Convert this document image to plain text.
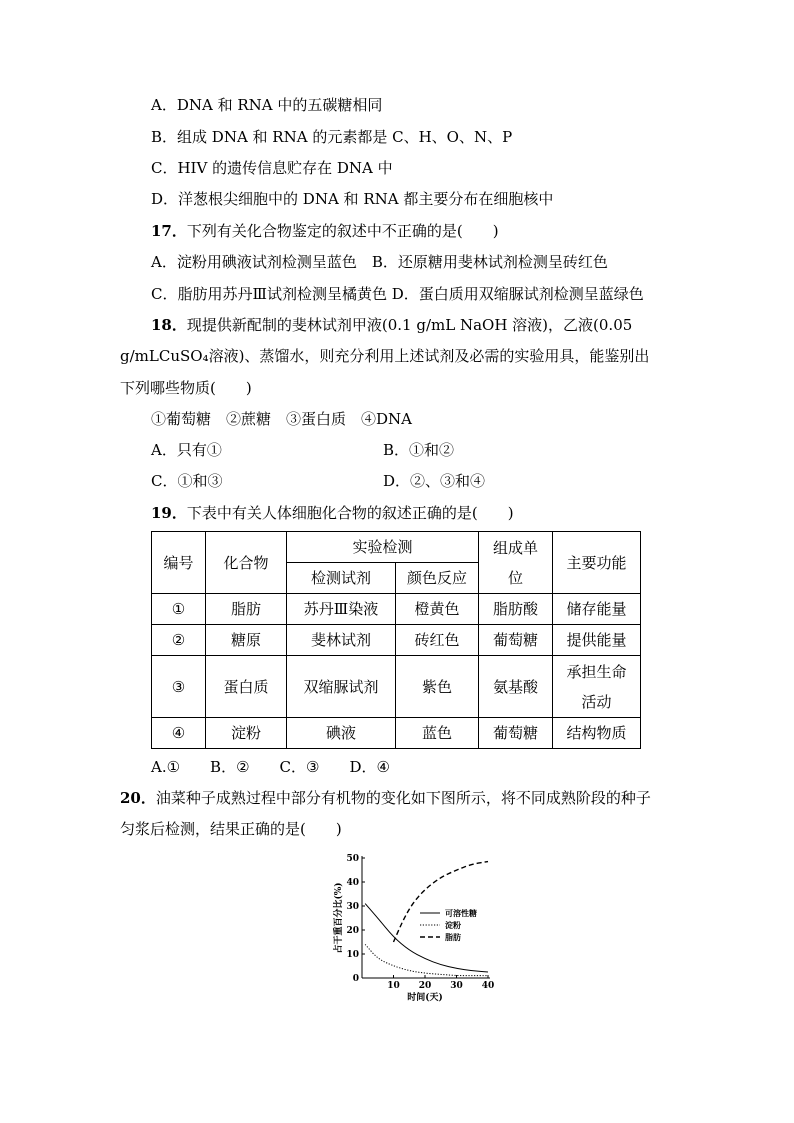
A．DNA 和 RNA 中的五碳糖相同
B．组成 DNA 和 RNA 的元素都是 C、H、O、N、P
C．HIV 的遗传信息贮存在 DNA 中
D．洋葱根尖细胞中的 DNA 和 RNA 都主要分布在细胞核中
17．下列有关化合物鉴定的叙述中不正确的是(　　)
A．淀粉用碘液试剂检测呈蓝色　B．还原糖用斐林试剂检测呈砖红色
C．脂肪用苏丹Ⅲ试剂检测呈橘黄色 D．蛋白质用双缩脲试剂检测呈蓝绿色
18．现提供新配制的斐林试剂甲液(0.1 g/mL NaOH 溶液)，乙液(0.05
g/mLCuSO₄溶液)、蒸馏水，则充分利用上述试剂及必需的实验用具，能鉴别出
下列哪些物质(　　)
①葡萄糖　②蔗糖　③蛋白质　④DNA
A．只有①	B．①和②
C．①和③	D．②、③和④
19．下表中有关人体细胞化合物的叙述正确的是(　　)
编号	化合物	实验检测		组成单
位	主要功能
		检测试剂	颜色反应		
①	脂肪	苏丹Ⅲ染液	橙黄色	脂肪酸	储存能量
②	糖原	斐林试剂	砖红色	葡萄糖	提供能量
③	蛋白质	双缩脲试剂	紫色	氨基酸	承担生命
活动

④	淀粉	碘液	蓝色	葡萄糖	结构物质
A.①　　B．②　　C．③　　D．④
20．油菜种子成熟过程中部分有机物的变化如下图所示，将不同成熟阶段的种子
匀浆后检测，结果正确的是(　　)
0
10
20
30
40
50
10 20 30 40
可溶性糖
淀粉
脂肪
占干重百分比(%)
时间(天)
